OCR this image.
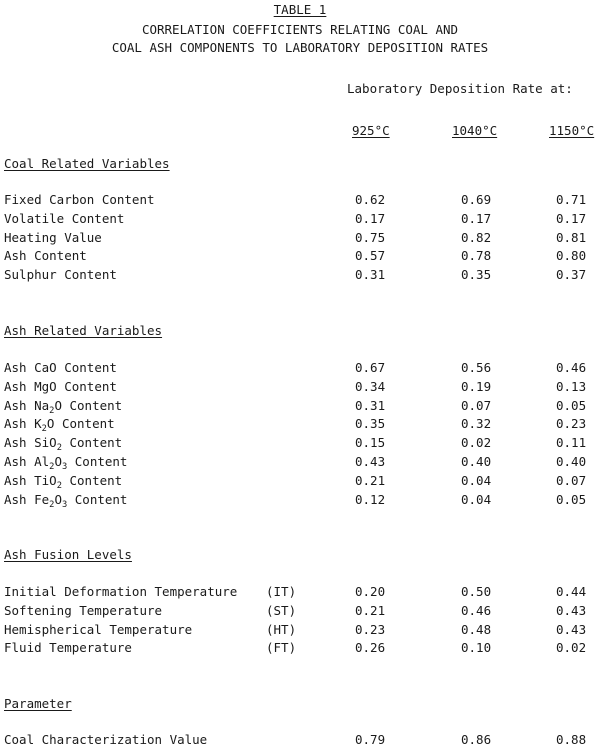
TABLE 1
CORRELATION COEFFICIENTS RELATING COAL AND
COAL ASH COMPONENTS TO LABORATORY DEPOSITION RATES
Laboratory Deposition Rate at:
925°C	1040°C	1150°C
Coal Related Variables
Fixed Carbon Content	0.62	0.69	0.71
Volatile Content	0.17	0.17	0.17
Heating Value	0.75	0.82	0.81
Ash Content	0.57	0.78	0.80
Sulphur Content	0.31	0.35	0.37
Ash Related Variables
Ash CaO Content	0.67	0.56	0.46
Ash MgO Content	0.34	0.19	0.13
Ash $Na_2O$ Content	0.31	0.07	0.05
Ash $K_2O$ Content	0.35	0.32	0.23
Ash SiO$_2$ Content	0.15	0.02	0.11
Ash $Al_2O_3$ Content	0.43	0.40	0.40
Ash TiO$_2$ Content	0.21	0.04	0.07
Ash $Fe_2O_3$ Content	0.12	0.04	0.05
Ash Fusion Levels
Initial Deformation Temperature (IT)	0.20	0.50	0.44
Softening Temperature	(ST)	0.21	0.46	0.43
Hemispherical Temperature	(HT)	0.23	0.48	0.43
Fluid Temperature	(FT)	0.26	0.10	0.02
Parameter
Coal Characterization Value	0.79	0.86	0.88
